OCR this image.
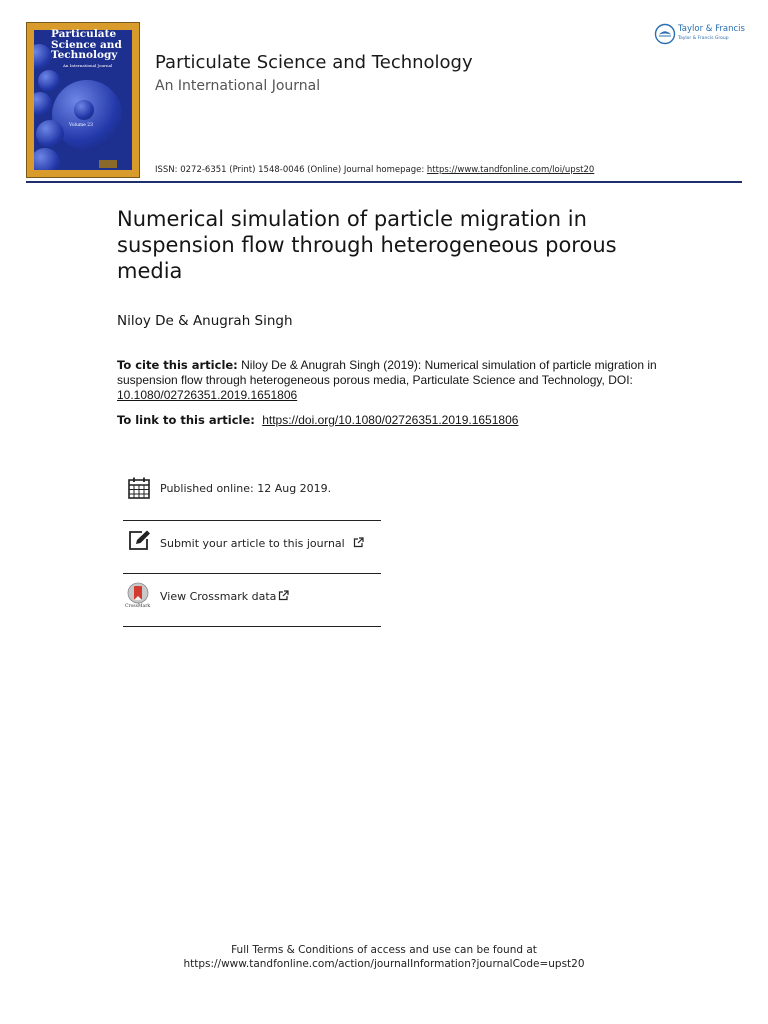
Particulate
Science and
Technology
An International Journal
Volume 23
Particulate Science and Technology
An International Journal
ISSN: 0272-6351 (Print) 1548-0046 (Online) Journal homepage: https://www.tandfonline.com/loi/upst20
Taylor & Francis
Taylor & Francis Group
Numerical simulation of particle migration in suspension flow through heterogeneous porous media
Niloy De & Anugrah Singh
To cite this article: Niloy De & Anugrah Singh (2019): Numerical simulation of particle migration in suspension flow through heterogeneous porous media, Particulate Science and Technology, DOI: 10.1080/02726351.2019.1651806
To link to this article: https://doi.org/10.1080/02726351.2019.1651806
Published online: 12 Aug 2019.
Submit your article to this journal
CrossMark
View Crossmark data
Full Terms & Conditions of access and use can be found at
https://www.tandfonline.com/action/journalInformation?journalCode=upst20
